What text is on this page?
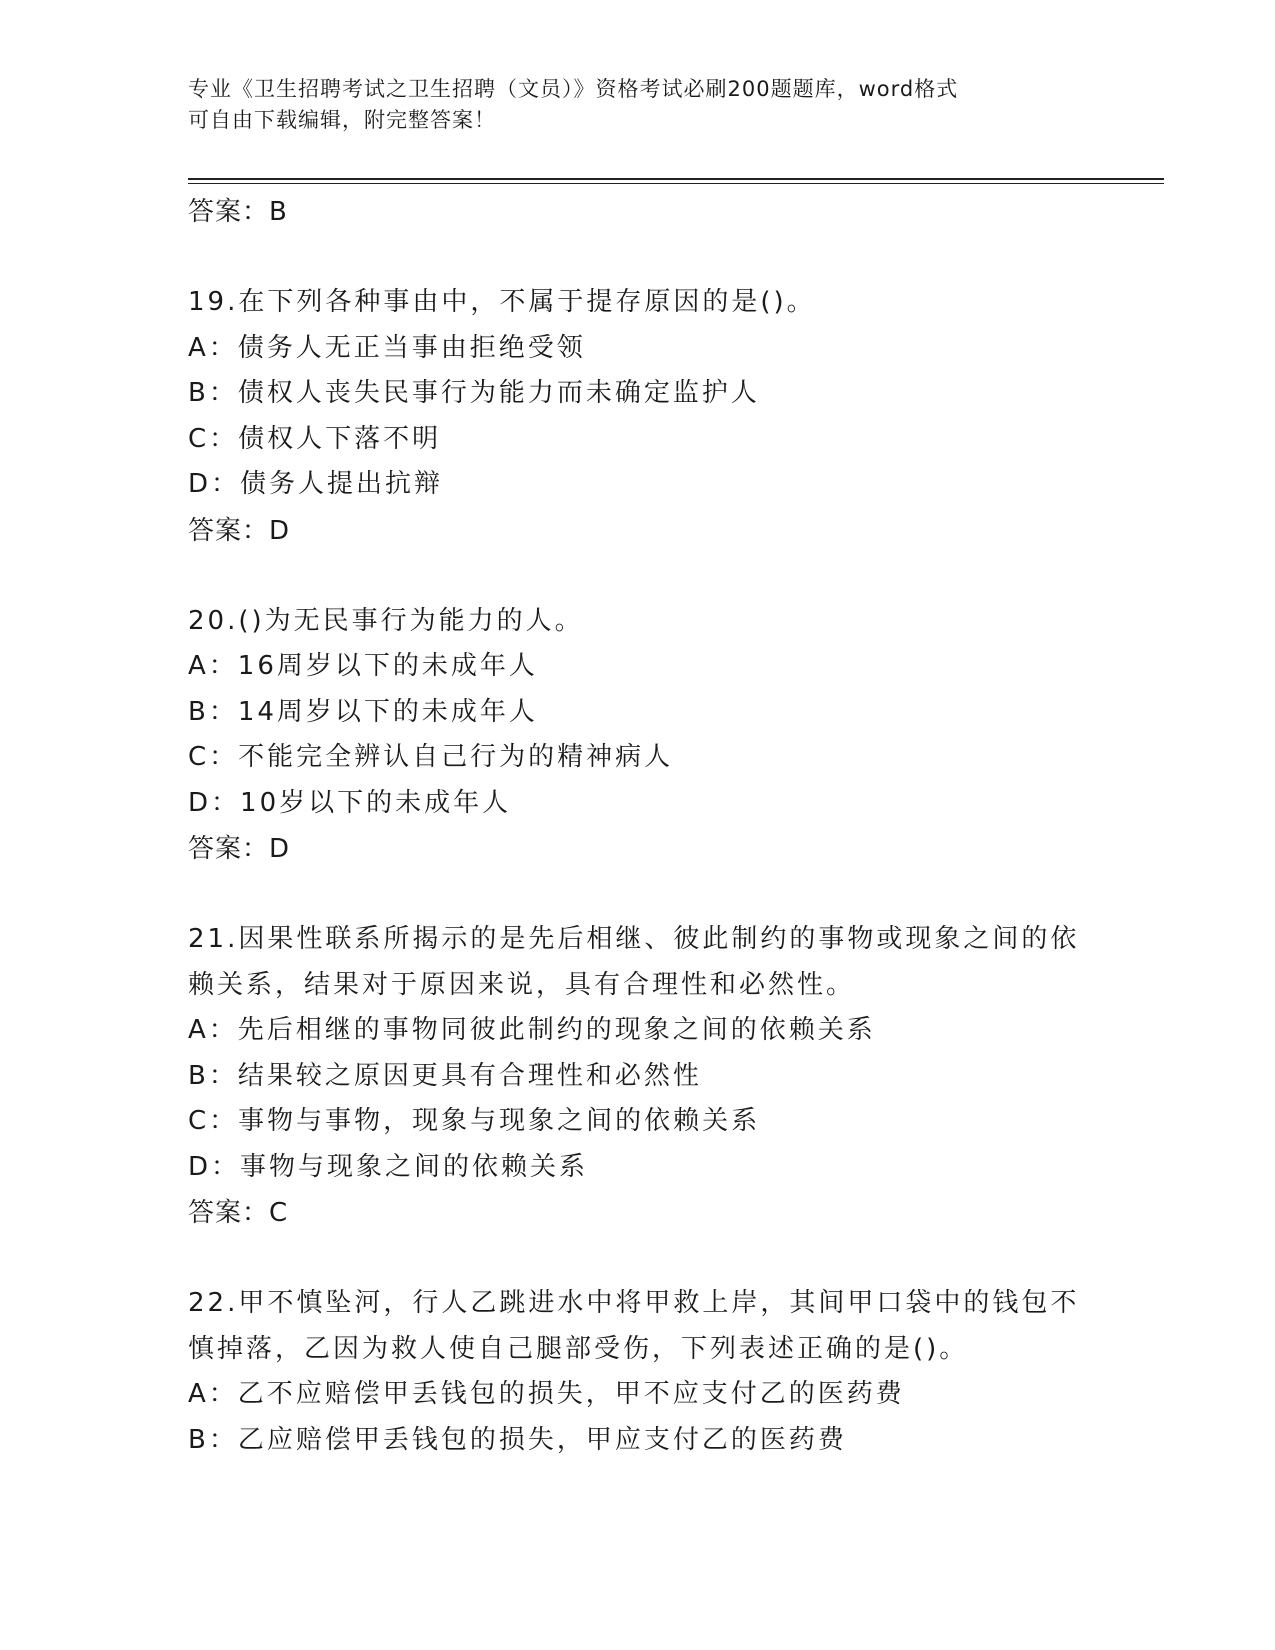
专业《卫生招聘考试之卫生招聘（文员）》资格考试必刷200题题库，word格式
可自由下载编辑，附完整答案！
答案：B
19.在下列各种事由中，不属于提存原因的是()。
A：债务人无正当事由拒绝受领
B：债权人丧失民事行为能力而未确定监护人
C：债权人下落不明
D：债务人提出抗辩
答案：D
20.()为无民事行为能力的人。
A：16周岁以下的未成年人
B：14周岁以下的未成年人
C：不能完全辨认自己行为的精神病人
D：10岁以下的未成年人
答案：D
21.因果性联系所揭示的是先后相继、彼此制约的事物或现象之间的依
赖关系，结果对于原因来说，具有合理性和必然性。
A：先后相继的事物同彼此制约的现象之间的依赖关系
B：结果较之原因更具有合理性和必然性
C：事物与事物，现象与现象之间的依赖关系
D：事物与现象之间的依赖关系
答案：C
22.甲不慎坠河，行人乙跳进水中将甲救上岸，其间甲口袋中的钱包不
慎掉落，乙因为救人使自己腿部受伤，下列表述正确的是()。
A：乙不应赔偿甲丢钱包的损失，甲不应支付乙的医药费
B：乙应赔偿甲丢钱包的损失，甲应支付乙的医药费
